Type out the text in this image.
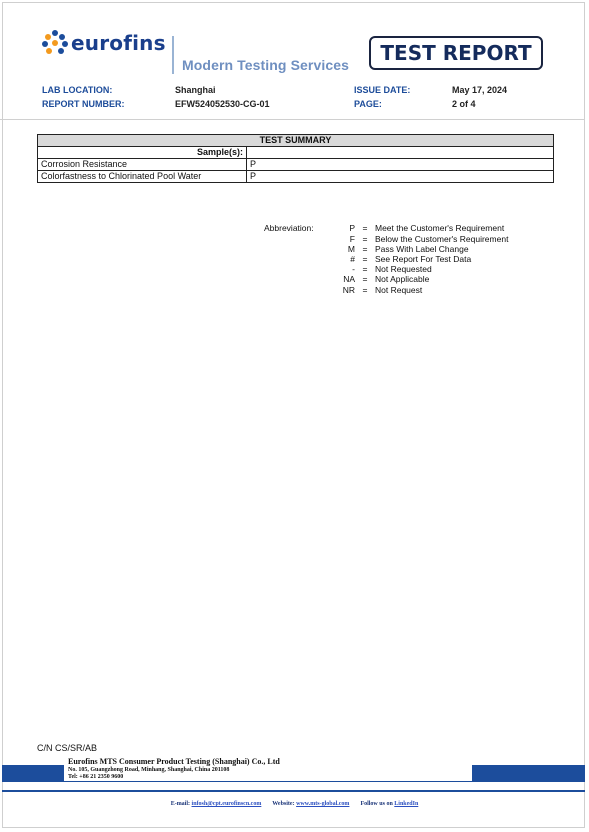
eurofins
Modern Testing Services	TEST REPORT
LAB LOCATION:	Shanghai	ISSUE DATE:	May 17, 2024
REPORT NUMBER:	EFW524052530-CG-01	PAGE:	2 of 4
TEST SUMMARY	
Sample(s):	
Corrosion Resistance	P
Colorfastness to Chlorinated Pool Water	P
Abbreviation:	P = Meet the Customer's Requirement
F = Below the Customer's Requirement
M = Pass With Label Change
# = See Report For Test Data
- = Not Requested
NA = Not Applicable
NR = Not Request
C/N CS/SR/AB
Eurofins MTS Consumer Product Testing (Shanghai) Co., Ltd
No. 105, Guangzhong Road, Minhang, Shanghai, China 201108
Tel: +86 21 2350 9600
E-mail: infosh@cpt.eurofinscn.com Website: www.mts-global.com Follow us on LinkedIn
